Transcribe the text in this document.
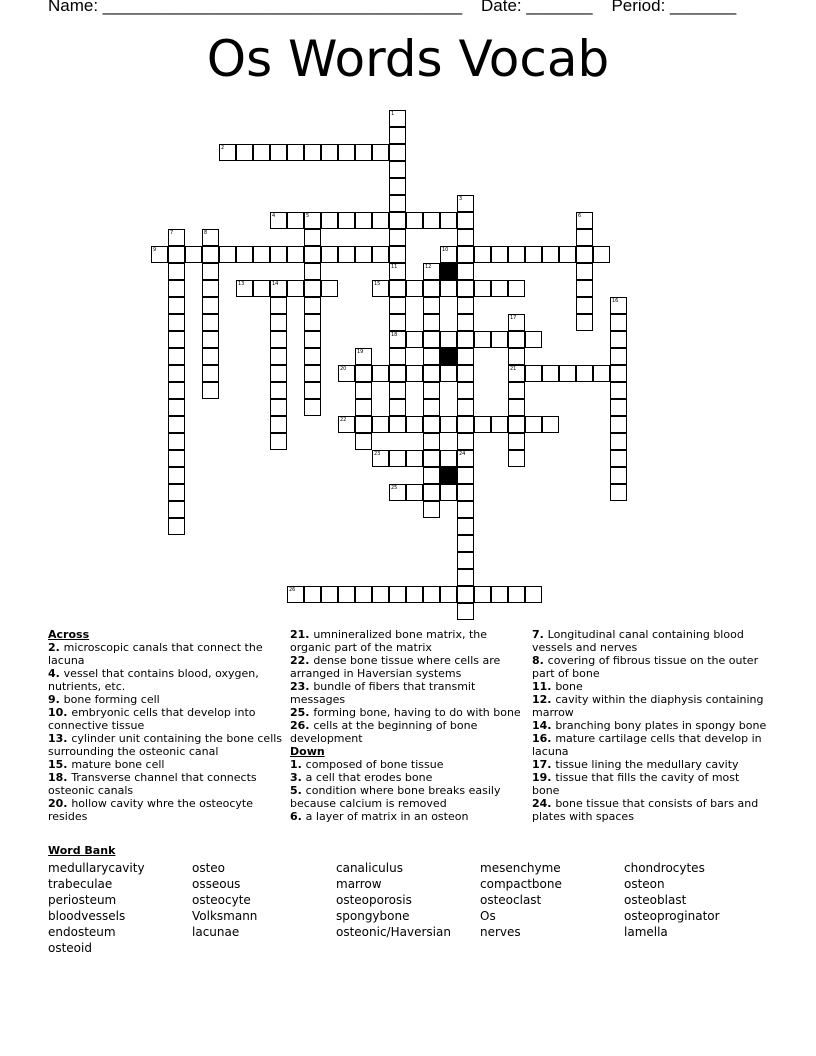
Name: ______________________________________ Date: _______ Period: _______
Os Words Vocab
2
4	5
9	10
13	14	15
18
20	21
22
23	24
25
26
1
11
3
6
7	8
12
16
17
19
Across
2. microscopic canals that connect the lacuna
4. vessel that contains blood, oxygen, nutrients, etc.
9. bone forming cell
10. embryonic cells that develop into connective tissue
13. cylinder unit containing the bone cells surrounding the osteonic canal
15. mature bone cell
18. Transverse channel that connects osteonic canals
20. hollow cavity whre the osteocyte resides
21. umnineralized bone matrix, the organic part of the matrix
22. dense bone tissue where cells are arranged in Haversian systems
23. bundle of fibers that transmit messages
25. forming bone, having to do with bone
26. cells at the beginning of bone development
Down
1. composed of bone tissue
3. a cell that erodes bone
5. condition where bone breaks easily because calcium is removed
6. a layer of matrix in an osteon
7. Longitudinal canal containing blood vessels and nerves
8. covering of fibrous tissue on the outer part of bone
11. bone
12. cavity within the diaphysis containing marrow
14. branching bony plates in spongy bone
16. mature cartilage cells that develop in lacuna
17. tissue lining the medullary cavity
19. tissue that fills the cavity of most bone
24. bone tissue that consists of bars and plates with spaces
Word Bank
medullarycavity
trabeculae
periosteum
bloodvessels
endosteum
osteoid
osteo
osseous
osteocyte
Volksmann
lacunae
canaliculus
marrow
osteoporosis
spongybone
osteonic/Haversian
mesenchyme
compactbone
osteoclast
Os
nerves
chondrocytes
osteon
osteoblast
osteoproginator
lamella
